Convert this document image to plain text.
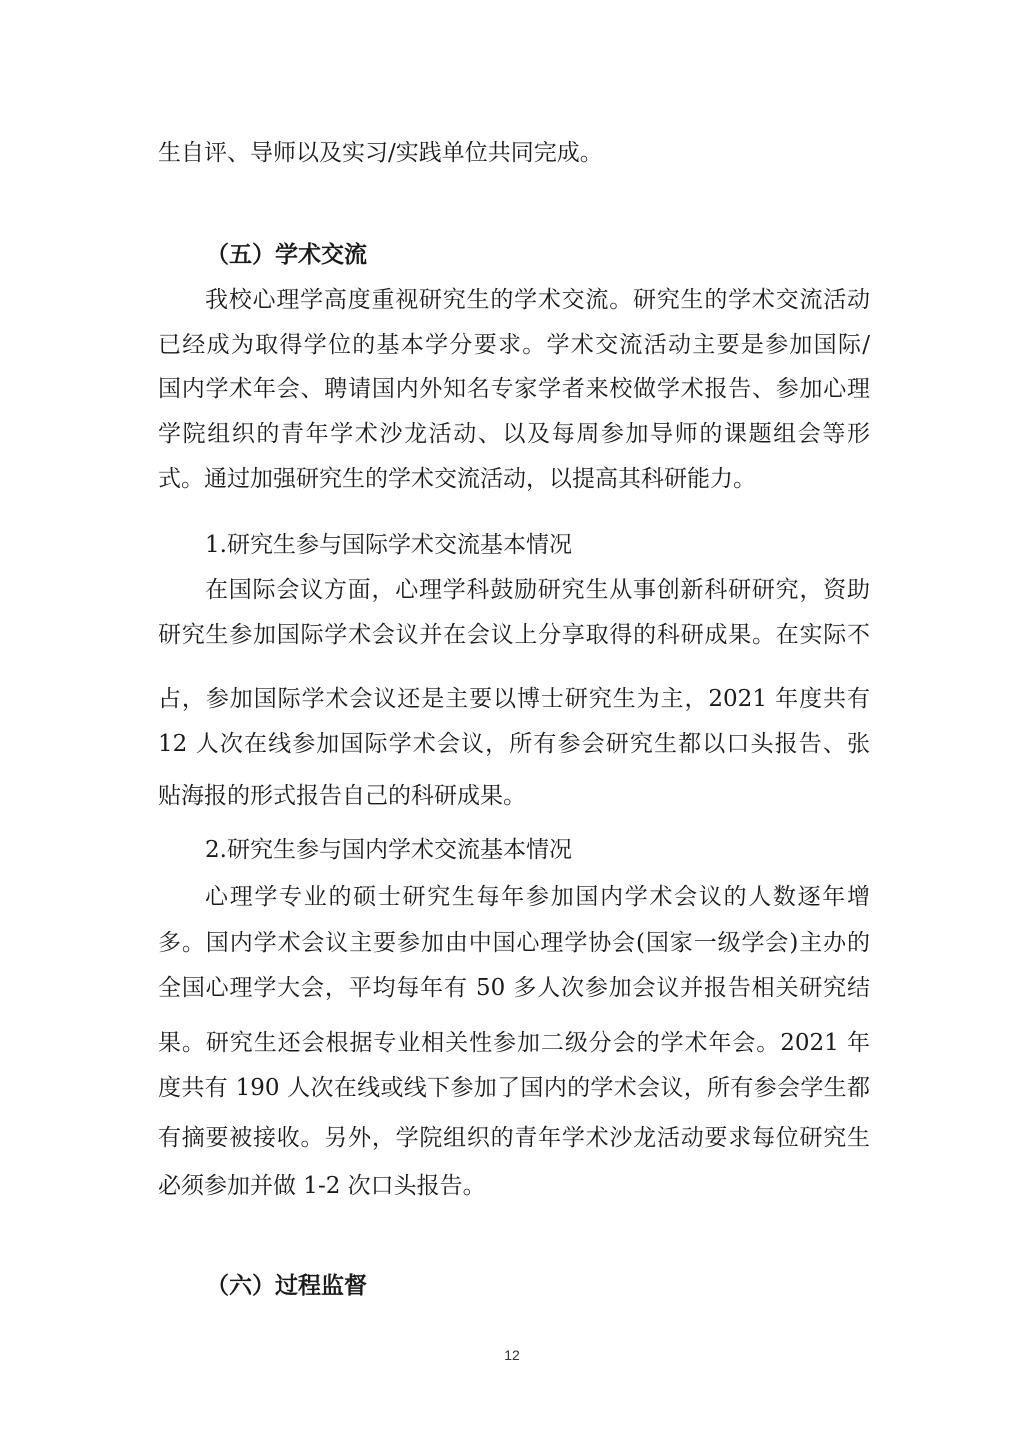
生自评、导师以及实习/实践单位共同完成。
（五）学术交流
我校心理学高度重视研究生的学术交流。研究生的学术交流活动
已经成为取得学位的基本学分要求。学术交流活动主要是参加国际/
国内学术年会、聘请国内外知名专家学者来校做学术报告、参加心理
学院组织的青年学术沙龙活动、以及每周参加导师的课题组会等形
式。通过加强研究生的学术交流活动，以提高其科研能力。
1.研究生参与国际学术交流基本情况
在国际会议方面，心理学科鼓励研究生从事创新科研研究，资助
研究生参加国际学术会议并在会议上分享取得的科研成果。在实际不
占，参加国际学术会议还是主要以博士研究生为主，2021 年度共有
12 人次在线参加国际学术会议，所有参会研究生都以口头报告、张
贴海报的形式报告自己的科研成果。
2.研究生参与国内学术交流基本情况
心理学专业的硕士研究生每年参加国内学术会议的人数逐年增
多。国内学术会议主要参加由中国心理学协会(国家一级学会)主办的
全国心理学大会，平均每年有 50 多人次参加会议并报告相关研究结
果。研究生还会根据专业相关性参加二级分会的学术年会。2021 年
度共有 190 人次在线或线下参加了国内的学术会议，所有参会学生都
有摘要被接收。另外，学院组织的青年学术沙龙活动要求每位研究生
必须参加并做 1-2 次口头报告。
（六）过程监督
12
